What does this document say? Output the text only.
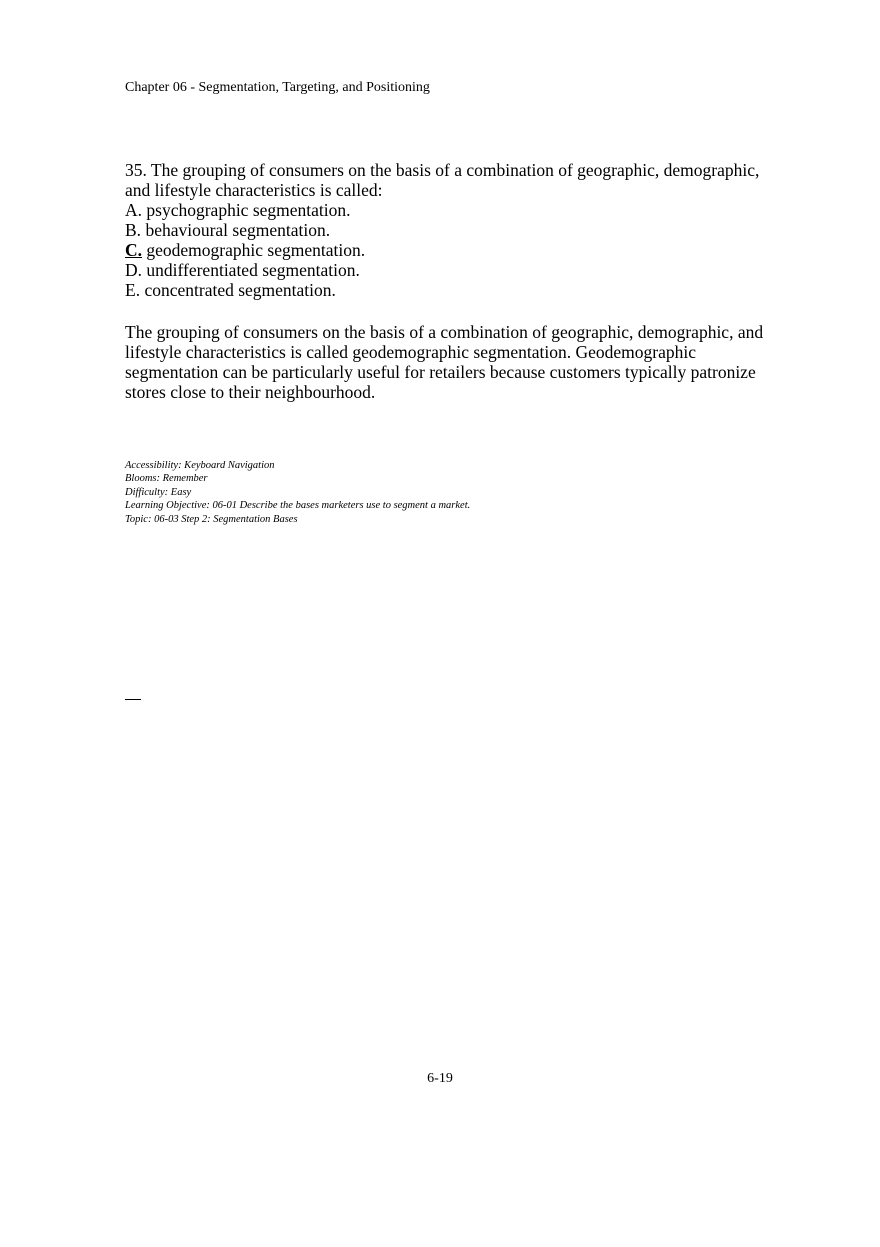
Chapter 06 - Segmentation, Targeting, and Positioning

35. The grouping of consumers on the basis of a combination of geographic, demographic, and lifestyle characteristics is called:

A. psychographic segmentation.
B. behavioural segmentation.
C. geodemographic segmentation.
D. undifferentiated segmentation.
E. concentrated segmentation.

The grouping of consumers on the basis of a combination of geographic, demographic, and lifestyle characteristics is called geodemographic segmentation. Geodemographic segmentation can be particularly useful for retailers because customers typically patronize stores close to their neighbourhood.

Accessibility: Keyboard Navigation
Blooms: Remember
Difficulty: Easy
Learning Objective: 06-01 Describe the bases marketers use to segment a market.
Topic: 06-03 Step 2: Segmentation Bases
6-19
